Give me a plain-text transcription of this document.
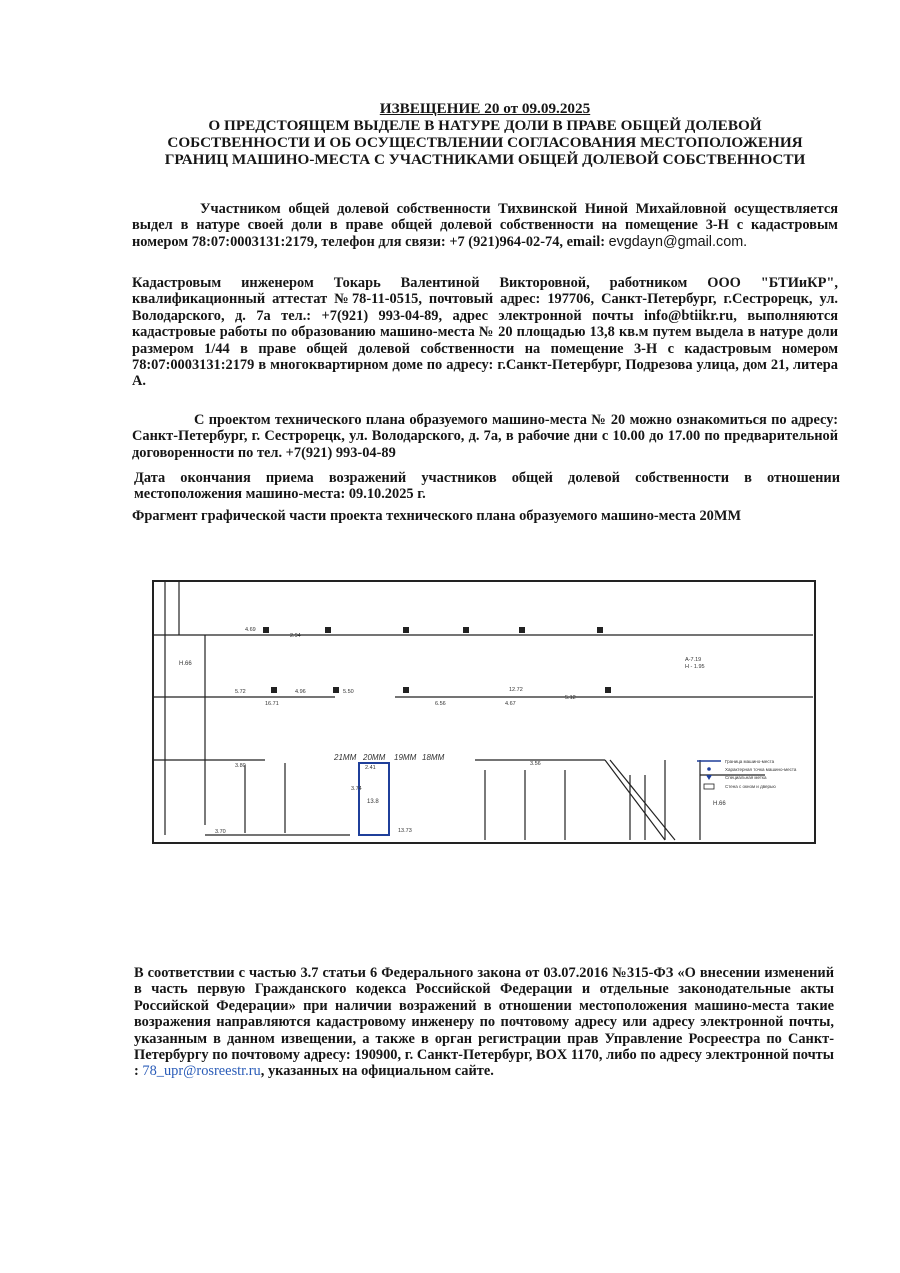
ИЗВЕЩЕНИЕ 20 от 09.09.2025
О ПРЕДСТОЯЩЕМ ВЫДЕЛЕ В НАТУРЕ ДОЛИ В ПРАВЕ ОБЩЕЙ ДОЛЕВОЙ
СОБСТВЕННОСТИ И ОБ ОСУЩЕСТВЛЕНИИ СОГЛАСОВАНИЯ МЕСТОПОЛОЖЕНИЯ
ГРАНИЦ МАШИНО-МЕСТА С УЧАСТНИКАМИ ОБЩЕЙ ДОЛЕВОЙ СОБСТВЕННОСТИ
Участником общей долевой собственности Тихвинской Ниной Михайловной осуществляется выдел в натуре своей доли в праве общей долевой собственности на помещение 3-Н с кадастровым номером 78:07:0003131:2179, телефон для связи: +7 (921)964-02-74, email: evgdayn@gmail.com.
Кадастровым инженером Токарь Валентиной Викторовной, работником ООО "БТИиКР", квалификационный аттестат №78-11-0515, почтовый адрес: 197706, Санкт-Петербург, г.Сестрорецк, ул. Володарского, д. 7а тел.: +7(921) 993-04-89, адрес электронной почты info@btiikr.ru, выполняются кадастровые работы по образованию машино-места № 20 площадью 13,8 кв.м путем выдела в натуре доли размером 1/44 в праве общей долевой собственности на помещение 3-Н с кадастровым номером 78:07:0003131:2179 в многоквартирном доме по адресу: г.Санкт-Петербург, Подрезова улица, дом 21, литера А.
С проектом технического плана образуемого машино-места № 20 можно ознакомиться по адресу: Санкт-Петербург, г. Сестрорецк, ул. Володарского, д. 7а, в рабочие дни с 10.00 до 17.00 по предварительной договоренности по тел. +7(921) 993-04-89
Дата окончания приема возражений участников общей долевой собственности в отношении местоположения машино-места: 09.10.2025 г.
Фрагмент графической части проекта технического плана образуемого машино-места 20ММ
21ММ 20ММ 19ММ 18ММ
13.8
Н.66
Н.66
4.69
5.72	4.96
16.71
5.50
6.56	4.67
5.12
12.72
3.56
3.70
2.41
3.74
13.73
2.94
3.80
А-7.19
H - 1.95
Граница машино-места
Характерная точка машино-места
Специальная метка
Стена с окном и дверью
В соответствии с частью 3.7 статьи 6 Федерального закона от 03.07.2016 №315-ФЗ «О внесении изменений в часть первую Гражданского кодекса Российской Федерации и отдельные законодательные акты Российской Федерации» при наличии возражений в отношении местоположения машино-места такие возражения направляются кадастровому инженеру по почтовому адресу или адресу электронной почты, указанным в данном извещении, а также в орган регистрации прав Управление Росреестра по Санкт-Петербургу по почтовому адресу: 190900, г. Санкт-Петербург, BOX 1170, либо по адресу электронной почты : 78_upr@rosreestr.ru, указанных на официальном сайте.
